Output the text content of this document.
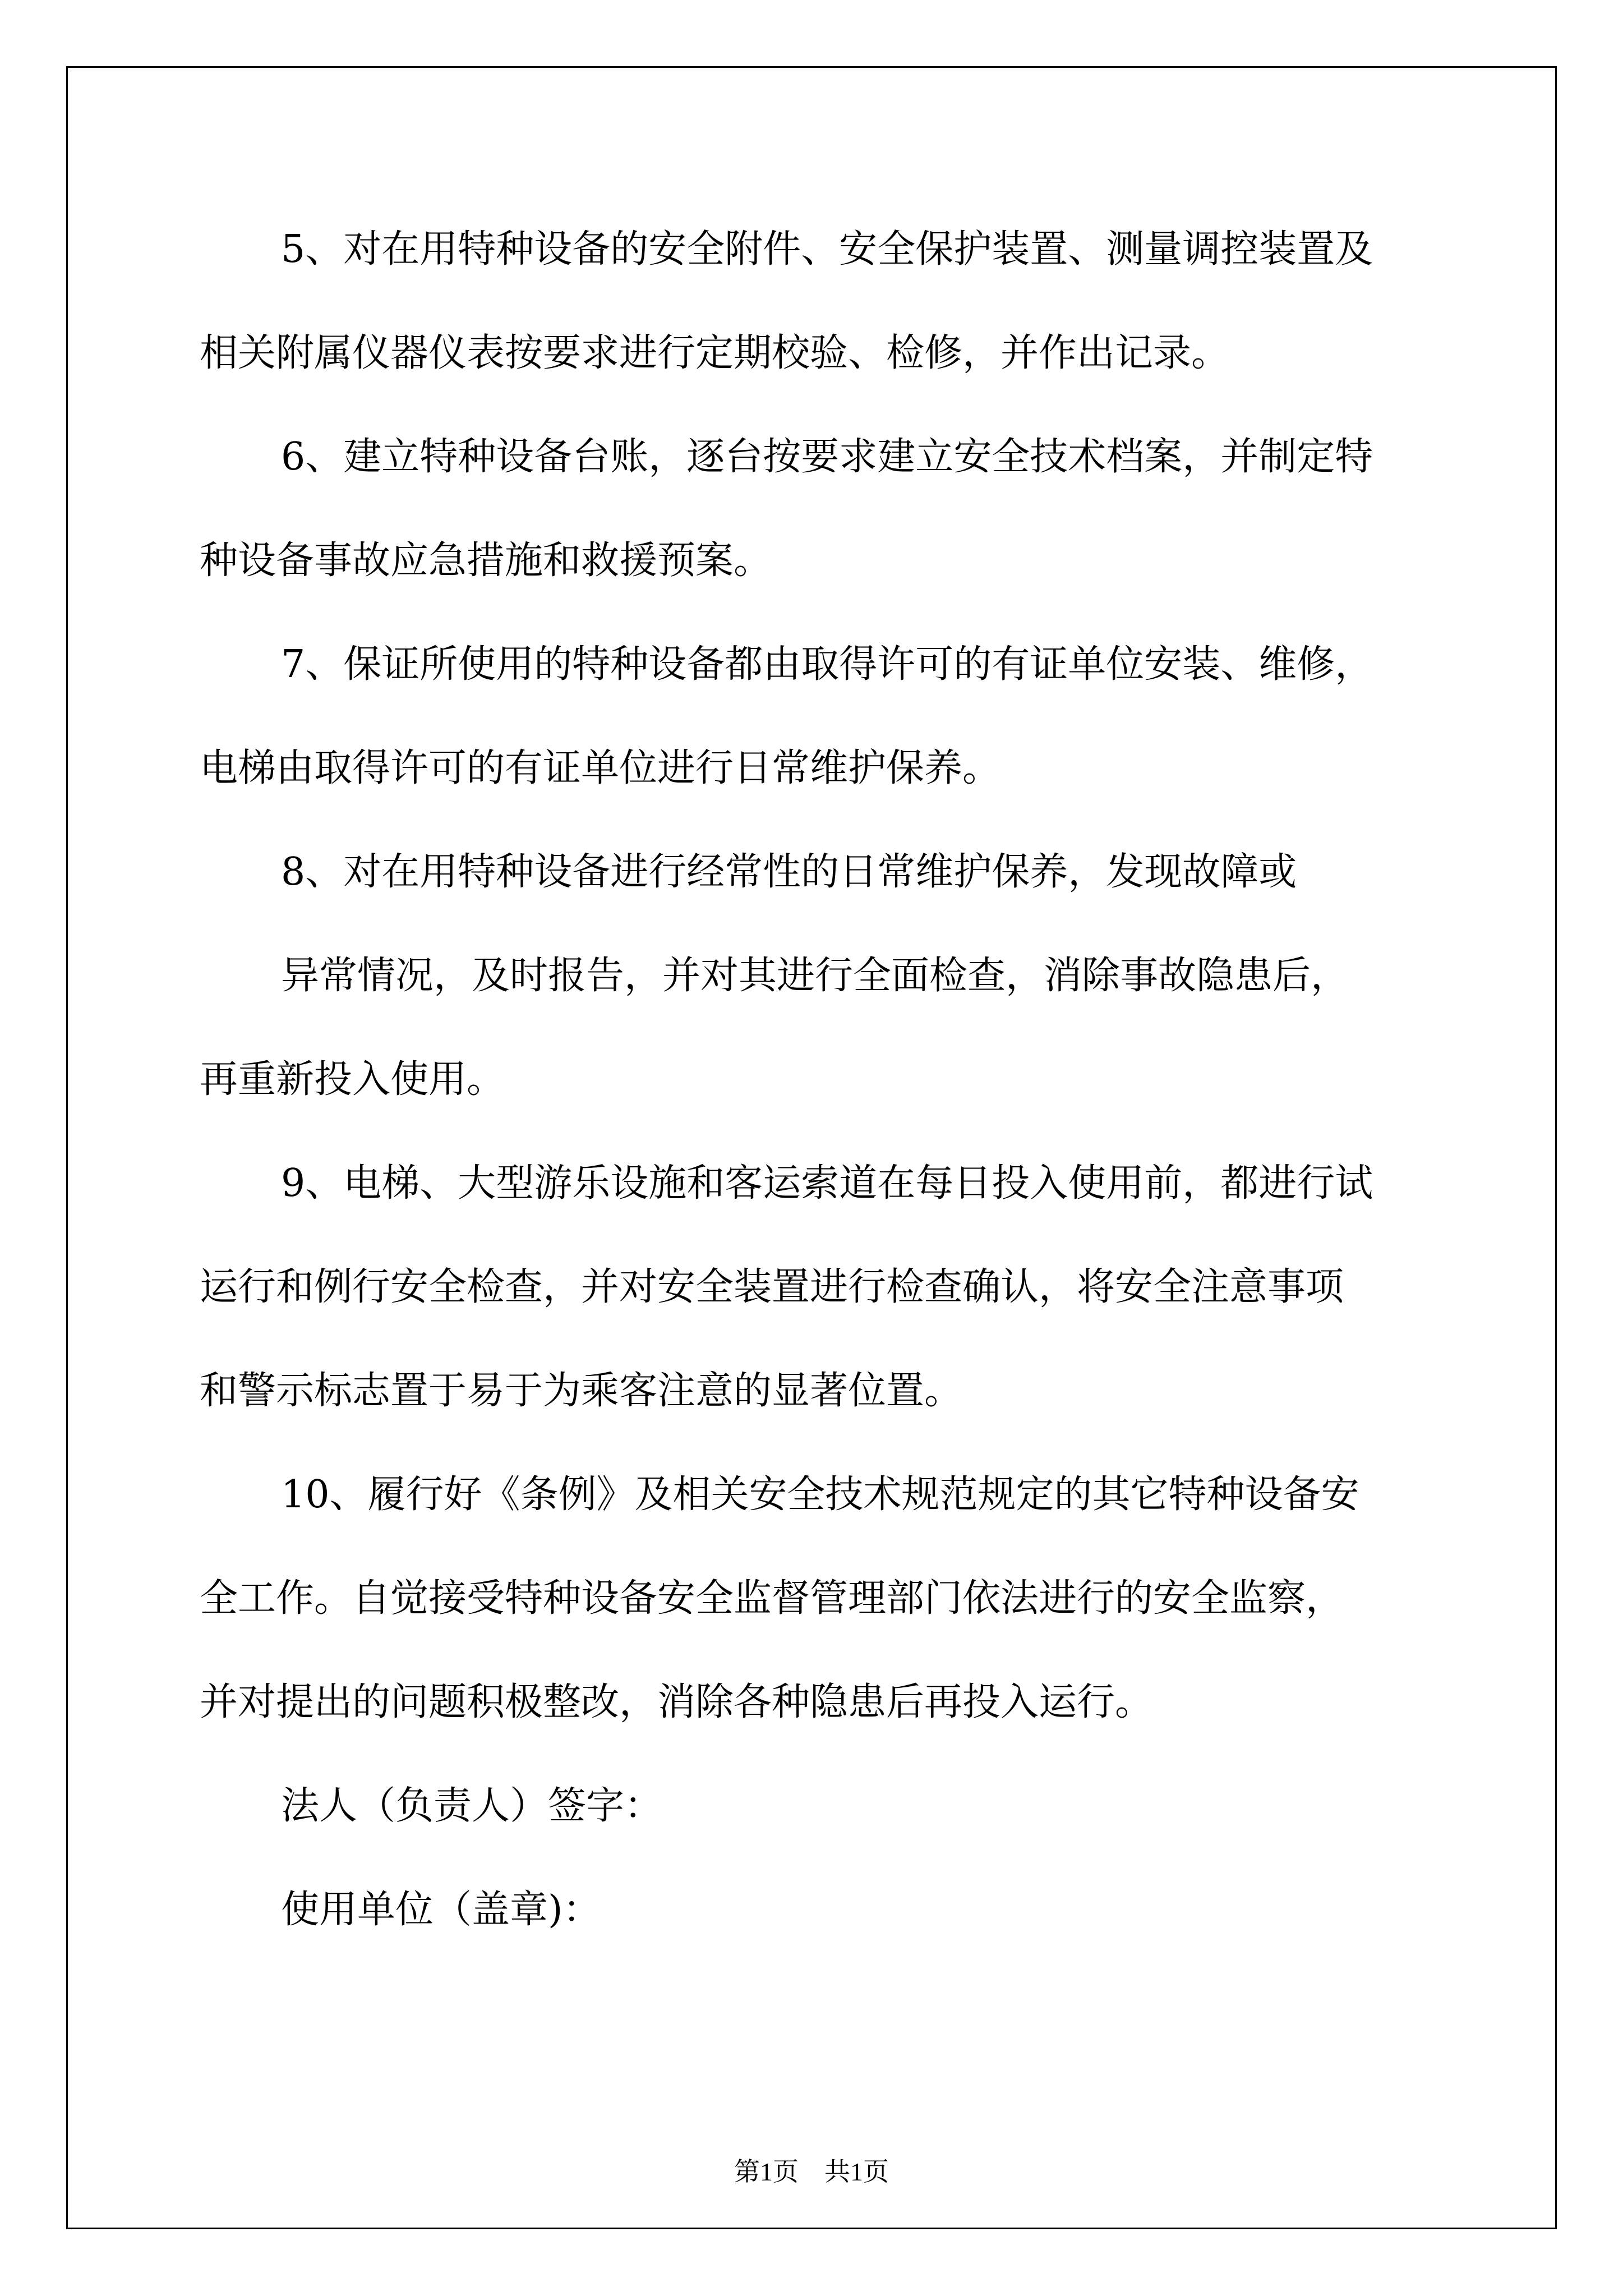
5、对在用特种设备的安全附件、安全保护装置、测量调控装置及
相关附属仪器仪表按要求进行定期校验、检修，并作出记录。
6、建立特种设备台账，逐台按要求建立安全技术档案，并制定特
种设备事故应急措施和救援预案。
7、保证所使用的特种设备都由取得许可的有证单位安装、维修，
电梯由取得许可的有证单位进行日常维护保养。
8、对在用特种设备进行经常性的日常维护保养，发现故障或
异常情况，及时报告，并对其进行全面检查，消除事故隐患后，
再重新投入使用。
9、电梯、大型游乐设施和客运索道在每日投入使用前，都进行试
运行和例行安全检查，并对安全装置进行检查确认，将安全注意事项
和警示标志置于易于为乘客注意的显著位置。
10、履行好《条例》及相关安全技术规范规定的其它特种设备安
全工作。自觉接受特种设备安全监督管理部门依法进行的安全监察，
并对提出的问题积极整改，消除各种隐患后再投入运行。
法人（负责人）签字：
使用单位（盖章)：
第1页　共1页
